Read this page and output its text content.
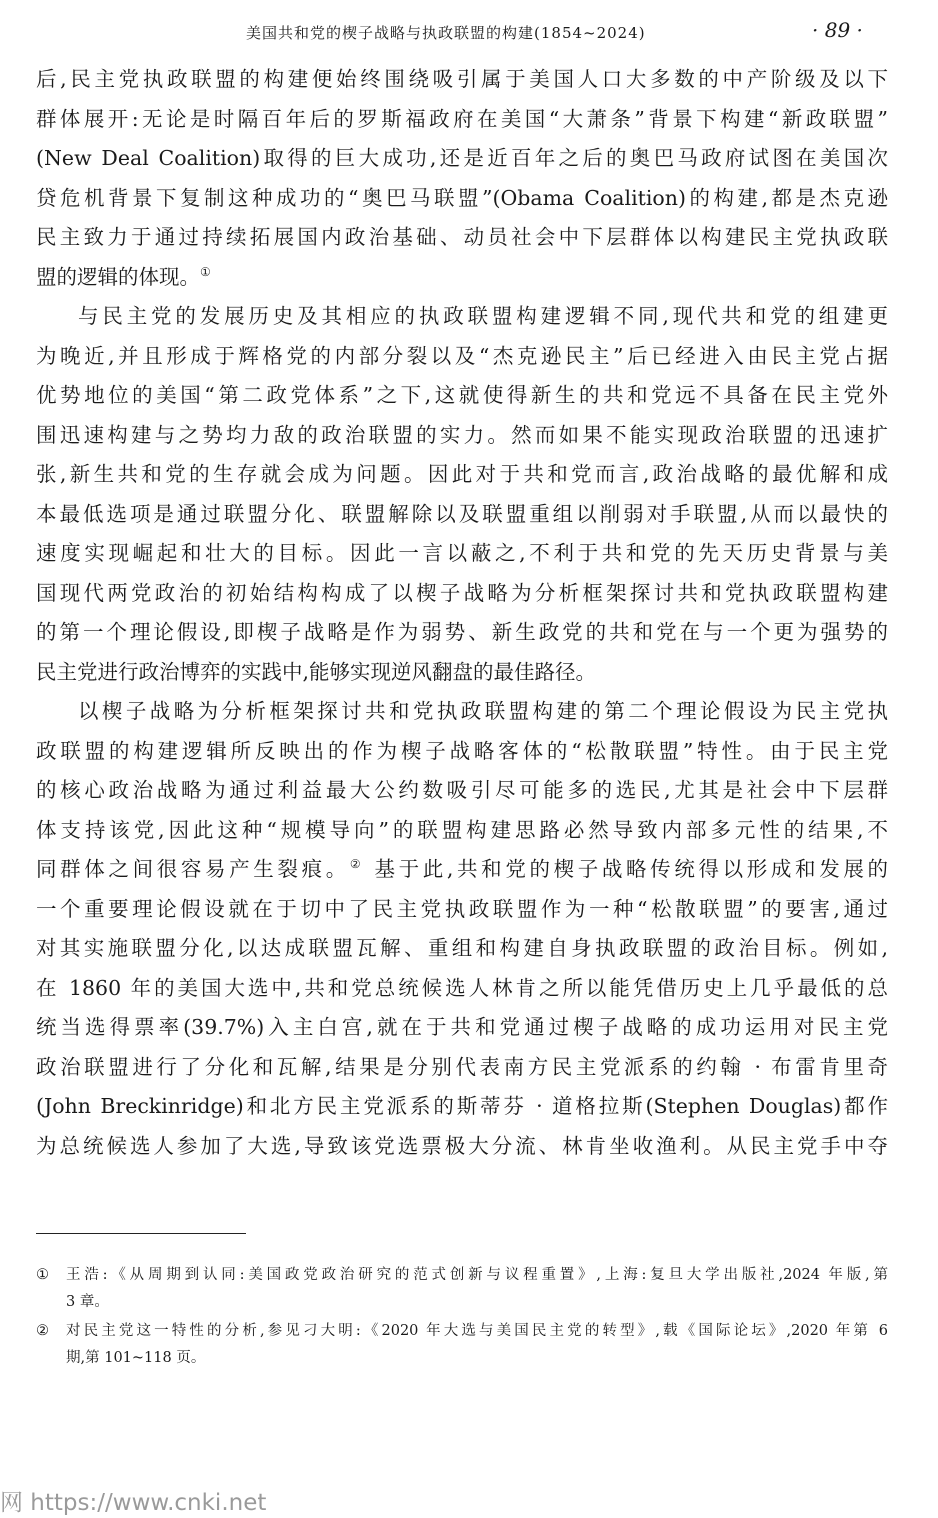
美国共和党的楔子战略与执政联盟的构建(1854~2024)	· 89 ·
后,民主党执政联盟的构建便始终围绕吸引属于美国人口大多数的中产阶级及以下
群体展开:无论是时隔百年后的罗斯福政府在美国“大萧条”背景下构建“新政联盟”
(New Deal Coalition)取得的巨大成功,还是近百年之后的奥巴马政府试图在美国次
贷危机背景下复制这种成功的“奥巴马联盟”(Obama Coalition)的构建,都是杰克逊
民主致力于通过持续拓展国内政治基础、动员社会中下层群体以构建民主党执政联
盟的逻辑的体现。①
与民主党的发展历史及其相应的执政联盟构建逻辑不同,现代共和党的组建更
为晚近,并且形成于辉格党的内部分裂以及“杰克逊民主”后已经进入由民主党占据
优势地位的美国“第二政党体系”之下,这就使得新生的共和党远不具备在民主党外
围迅速构建与之势均力敌的政治联盟的实力。然而如果不能实现政治联盟的迅速扩
张,新生共和党的生存就会成为问题。因此对于共和党而言,政治战略的最优解和成
本最低选项是通过联盟分化、联盟解除以及联盟重组以削弱对手联盟,从而以最快的
速度实现崛起和壮大的目标。因此一言以蔽之,不利于共和党的先天历史背景与美
国现代两党政治的初始结构构成了以楔子战略为分析框架探讨共和党执政联盟构建
的第一个理论假设,即楔子战略是作为弱势、新生政党的共和党在与一个更为强势的
民主党进行政治博弈的实践中,能够实现逆风翻盘的最佳路径。
以楔子战略为分析框架探讨共和党执政联盟构建的第二个理论假设为民主党执
政联盟的构建逻辑所反映出的作为楔子战略客体的“松散联盟”特性。由于民主党
的核心政治战略为通过利益最大公约数吸引尽可能多的选民,尤其是社会中下层群
体支持该党,因此这种“规模导向”的联盟构建思路必然导致内部多元性的结果,不
同群体之间很容易产生裂痕。② 基于此,共和党的楔子战略传统得以形成和发展的
一个重要理论假设就在于切中了民主党执政联盟作为一种“松散联盟”的要害,通过
对其实施联盟分化,以达成联盟瓦解、重组和构建自身执政联盟的政治目标。例如,
在 1860 年的美国大选中,共和党总统候选人林肯之所以能凭借历史上几乎最低的总
统当选得票率(39.7%)入主白宫,就在于共和党通过楔子战略的成功运用对民主党
政治联盟进行了分化和瓦解,结果是分别代表南方民主党派系的约翰 · 布雷肯里奇
(John Breckinridge)和北方民主党派系的斯蒂芬 · 道格拉斯(Stephen Douglas)都作
为总统候选人参加了大选,导致该党选票极大分流、林肯坐收渔利。从民主党手中夺
① 王浩:《从周期到认同:美国政党政治研究的范式创新与议程重置》,上海:复旦大学出版社,2024 年版,第
3 章。
② 对民主党这一特性的分析,参见刁大明:《2020 年大选与美国民主党的转型》,载《国际论坛》,2020 年第 6
期,第 101~118 页。
网 https://www.cnki.net
